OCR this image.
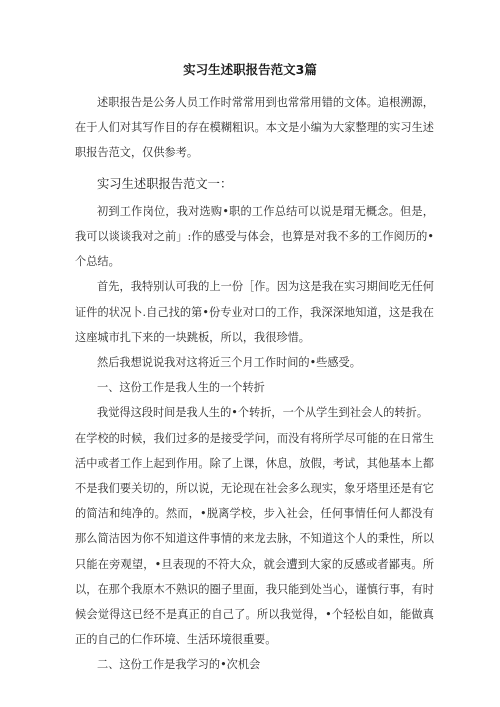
实习生述职报告范文3篇

述职报告是公务人员工作时常常用到也常常用错的文体。追根溯源，在于人们对其写作目的存在模糊粗识。本文是小编为大家整理的实习生述职报告范文，仅供参考。

实习生述职报告范文一：

初到工作岗位，我对选购•职的工作总结可以说是瑁无概念。但是，我可以谈谈我对之前」:作的感受与体会，也算是对我不多的工作阅历的•个总结。

首先，我特别认可我的上一份［作。因为这是我在实习期间吃无任何证件的状况卜.自己找的第•份专业对口的工作，我深深地知道，这是我在这座城市扎下来的一块跳板，所以，我很珍惜。

然后我想说说我对这将近三个月工作时间的•些感受。

一、这份工作是我人生的一个转折

我觉得这段时间是我人生的•个转折，一个从学生到社会人的转折。

在学校的时候，我们过多的是接受学问，而没有将所学尽可能的在日常生活中或者工作上起到作用。除了上课，休息，放假，考试，其他基本上都不是我们要关切的，所以说，无论现在社会多么现实，象牙塔里还是有它的简洁和纯净的。然而，•脱离学校，步入社会，任何事情任何人都没有那么简洁因为你不知道这件事情的来龙去脉，不知道这个人的秉性，所以只能在旁观望，•旦表现的不符大众，就会遭到大家的反感或者鄙夷。所以，在那个我原木不熟识的圈子里面，我只能到处当心，谨慎行事，有时候会觉得这已经不是真正的自己了。所以我觉得，•个轻松自如，能做真正的自己的仁作环境、生活环境很重要。

二、这份工作是我学习的•次机会
